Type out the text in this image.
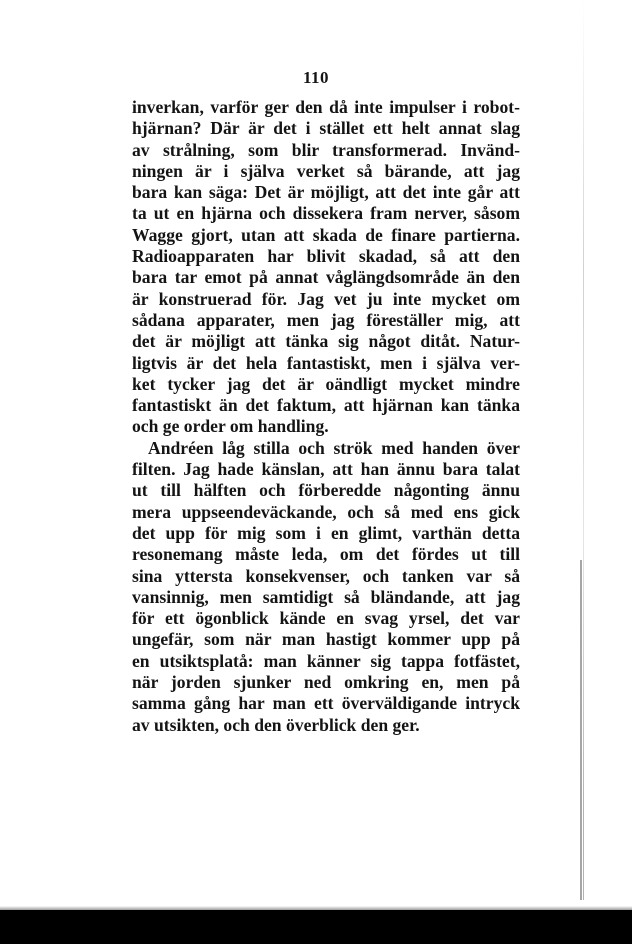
110
inverkan, varför ger den då inte impulser i robot-
hjärnan? Där är det i stället ett helt annat slag
av strålning, som blir transformerad. Invänd-
ningen är i själva verket så bärande, att jag
bara kan säga: Det är möjligt, att det inte går att
ta ut en hjärna och dissekera fram nerver, såsom
Wagge gjort, utan att skada de finare partierna.
Radioapparaten har blivit skadad, så att den
bara tar emot på annat våglängdsområde än den
är konstruerad för. Jag vet ju inte mycket om
sådana apparater, men jag föreställer mig, att
det är möjligt att tänka sig något ditåt. Natur-
ligtvis är det hela fantastiskt, men i själva ver-
ket tycker jag det är oändligt mycket mindre
fantastiskt än det faktum, att hjärnan kan tänka
och ge order om handling.
Andréen låg stilla och strök med handen över
filten. Jag hade känslan, att han ännu bara talat
ut till hälften och förberedde någonting ännu
mera uppseendeväckande, och så med ens gick
det upp för mig som i en glimt, varthän detta
resonemang måste leda, om det fördes ut till
sina yttersta konsekvenser, och tanken var så
vansinnig, men samtidigt så bländande, att jag
för ett ögonblick kände en svag yrsel, det var
ungefär, som när man hastigt kommer upp på
en utsiktsplatå: man känner sig tappa fotfästet,
när jorden sjunker ned omkring en, men på
samma gång har man ett överväldigande intryck
av utsikten, och den överblick den ger.
